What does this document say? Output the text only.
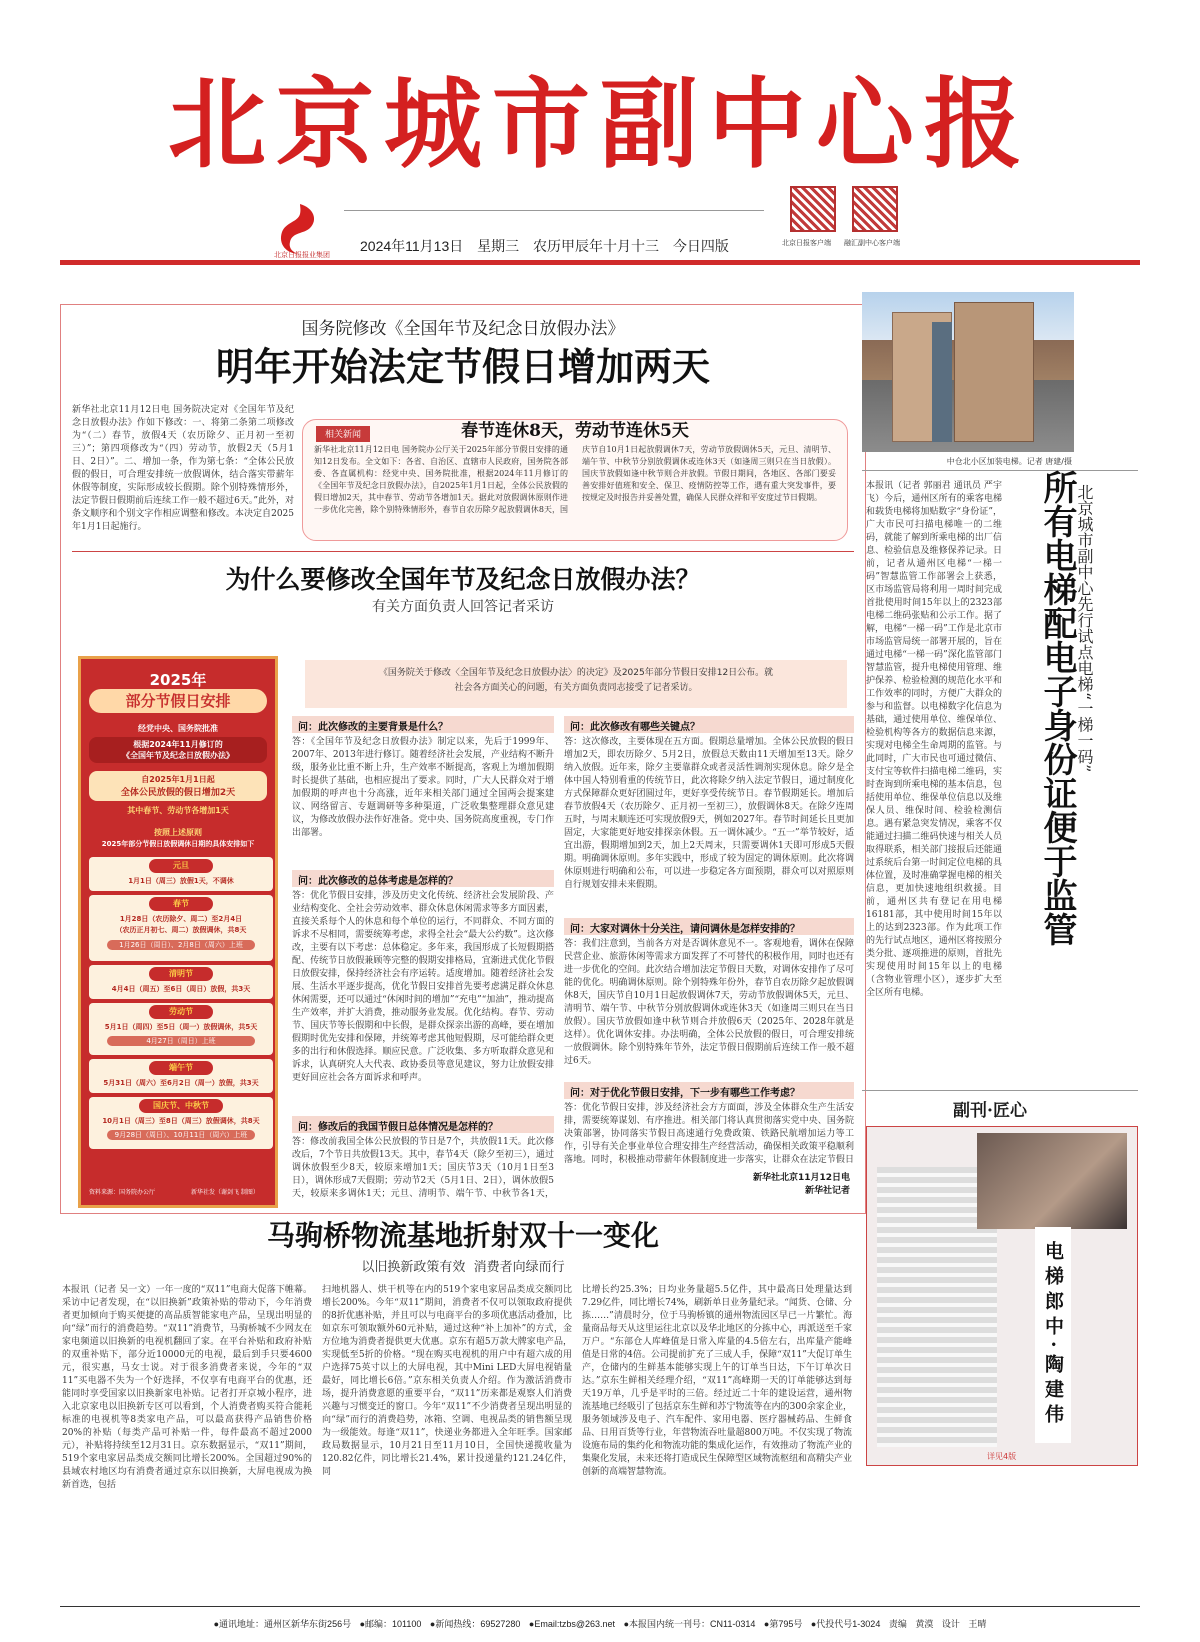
北京城市副中心报
北京日报报业集团
2024年11月13日 星期三 农历甲辰年十月十三 今日四版	北京日报客户端 融汇副中心客户端
国务院修改《全国年节及纪念日放假办法》
明年开始法定节假日增加两天
新华社北京11月12日电 国务院决定对《全国年节及纪念日放假办法》作如下修改：一、将第二条第二项修改为“（二）春节，放假4天（农历除夕、正月初一至初三）”；第四项修改为“（四）劳动节，放假2天（5月1日、2日）”。二、增加一条，作为第七条：“全体公民放假的假日，可合理安排统一放假调休，结合落实带薪年休假等制度，实际形成较长假期。除个别特殊情形外，法定节假日假期前后连续工作一般不超过6天。”此外，对条文顺序和个别文字作相应调整和修改。本决定自2025年1月1日起施行。
相关新闻	春节连休8天，劳动节连休5天
新华社北京11月12日电 国务院办公厅关于2025年部分节假日安排的通知12日发布。全文如下：各省、自治区、直辖市人民政府，国务院各部委、各直属机构：经党中央、国务院批准，根据2024年11月修订的《全国年节及纪念日放假办法》，自2025年1月1日起，全体公民放假的假日增加2天，其中春节、劳动节各增加1天。据此对放假调休原则作进一步优化完善，除个别特殊情形外，春节自农历除夕起放假调休8天，国庆节自10月1日起放假调休7天，劳动节放假调休5天，元旦、清明节、端午节、中秋节分别放假调休或连休3天（如逢周三则只在当日放假）。国庆节放假如逢中秋节则合并放假。节假日期间，各地区、各部门要妥善安排好值班和安全、保卫、疫情防控等工作，遇有重大突发事件，要按规定及时报告并妥善处置，确保人民群众祥和平安度过节日假期。
为什么要修改全国年节及纪念日放假办法？
有关方面负责人回答记者采访
《国务院关于修改〈全国年节及纪念日放假办法〉的决定》及2025年部分节假日安排12日公布。就社会各方面关心的问题，有关方面负责同志接受了记者采访。
2025年
部分节假日安排
经党中央、国务院批准
根据2024年11月修订的
《全国年节及纪念日放假办法》
自2025年1月1日起
全体公民放假的假日增加2天
其中春节、劳动节各增加1天
按照上述原则
2025年部分节假日放假调休日期的具体安排如下
元旦
1月1日（周三）放假1天，不调休
春节
1月28日（农历除夕、周二）至2月4日
（农历正月初七、周二）放假调休，共8天
1月26日（周日）、2月8日（周六）上班
清明节
4月4日（周五）至6日（周日）放假，共3天
劳动节
5月1日（周四）至5日（周一）放假调休，共5天
4月27日（周日）上班
端午节
5月31日（周六）至6月2日（周一）放假，共3天
国庆节、中秋节
10月1日（周三）至8日（周三）放假调休，共8天
9月28日（周日）、10月11日（周六）上班
资料来源：国务院办公厅	新华社发（谢剑飞 制图）
问：此次修改的主要背景是什么？
答：《全国年节及纪念日放假办法》制定以来，先后于1999年、2007年、2013年进行修订。随着经济社会发展，产业结构不断升级，服务业比重不断上升，生产效率不断提高，客观上为增加假期时长提供了基础，也相应提出了要求。同时，广大人民群众对于增加假期的呼声也十分高涨，近年来相关部门通过全国两会提案建议、网络留言、专题调研等多种渠道，广泛收集整理群众意见建议，为修改放假办法作好准备。党中央、国务院高度重视，专门作出部署。
问：此次修改的总体考虑是怎样的？
答：优化节假日安排，涉及历史文化传统、经济社会发展阶段、产业结构变化、全社会劳动效率、群众休息休闲需求等多方面因素，直接关系每个人的休息和每个单位的运行，不同群众、不同方面的诉求不尽相同，需要统筹考虑，求得全社会“最大公约数”。这次修改，主要有以下考虑：总体稳定。多年来，我国形成了长短假期搭配、传统节日放假兼顾等完整的假期安排格局，宜渐进式优化节假日放假安排，保持经济社会有序运转。适度增加。随着经济社会发展、生活水平逐步提高，优化节假日安排首先要考虑满足群众休息休闲需要，还可以通过“休闲时间的增加”“充电”“加油”，推动提高生产效率，并扩大消费，推动服务业发展。优化结构。春节、劳动节、国庆节等长假期和中长假，是群众探亲出游的高峰，要在增加假期时优先安排和保障，并统筹考虑其他短假期，尽可能给群众更多的出行和休假选择。顺应民意。广泛收集、多方听取群众意见和诉求，认真研究人大代表、政协委员等意见建议，努力让放假安排更好回应社会各方面诉求和呼声。
问：修改后的我国节假日总体情况是怎样的？
答：修改前我国全体公民放假的节日是7个，共放假11天。此次修改后，7个节日共放假13天。其中，春节4天（除夕至初三），通过调休放假至少8天，较原来增加1天；国庆节3天（10月1日至3日），调休形成7天假期；劳动节2天（5月1日、2日），调休放假5天，较原来多调休1天；元旦、清明节、端午节、中秋节各1天，
问：此次修改有哪些关键点？
答：这次修改，主要体现在五方面。假期总量增加。全体公民放假的假日增加2天，即农历除夕、5月2日，放假总天数由11天增加至13天。除夕纳入放假。近年来，除夕主要靠群众或者灵活性调剂实现休息。除夕是全体中国人特别看重的传统节日，此次将除夕纳入法定节假日，通过制度化方式保障群众更好团圆过年，更好享受传统节日。春节假期延长。增加后春节放假4天（农历除夕、正月初一至初三），放假调休8天。在除夕连周五时，与周末顺连还可实现放假9天，例如2027年。春节时间延长且更加固定，大家能更好地安排探亲休假。五一调休减少。“五一”举节较好，适宜出游，假期增加到2天，加上2天周末，只需要调休1天即可形成5天假期。明确调休原则。多年实践中，形成了较为固定的调休原则。此次将调休原则进行明确和公布，可以进一步稳定各方面预期，群众可以对照原则自行规划安排未来假期。
问：大家对调休十分关注，请问调休是怎样安排的？
答：我们注意到，当前各方对是否调休意见不一。客观地看，调休在保障民营企业、旅游休闲等需求方面发挥了不可替代的积极作用，同时也还有进一步优化的空间。此次结合增加法定节假日天数，对调休安排作了尽可能的优化。明确调休原则。除个别特殊年份外，春节自农历除夕起放假调休8天，国庆节自10月1日起放假调休7天，劳动节放假调休5天，元旦、清明节、端午节、中秋节分别放假调休或连休3天（如逢周三则只在当日放假）。国庆节放假如逢中秋节则合并放假6天（2025年、2028年就是这样）。优化调休安排。办法明确，全体公民放假的假日，可合理安排统一放假调休。除个别特殊年节外，法定节假日假期前后连续工作一般不超过6天。
问：对于优化节假日安排，下一步有哪些工作考虑？
答：优化节假日安排，涉及经济社会方方面面，涉及全体群众生产生活安排，需要统筹谋划、有序推进。相关部门将认真贯彻落实党中央、国务院决策部署，协同落实节假日高速通行免费政策、铁路民航增加运力等工作，引导有关企事业单位合理安排生产经营活动，确保相关政策平稳顺利落地。同时，积极推动带薪年休假制度进一步落实，让群众在法定节假日
新华社北京11月12日电
新华社记者
中仓北小区加装电梯。记者 唐建/摄
北京城市副中心先行试点电梯“一梯一码”
所有电梯配电子身份证便于监管
本报讯（记者 郭丽君 通讯员 严宇飞）今后，通州区所有的乘客电梯和载货电梯将加贴数字“身份证”，广大市民可扫描电梯唯一的二维码，就能了解到所乘电梯的出厂信息、检验信息及维修保养记录。日前，记者从通州区电梯“一梯一码”智慧监管工作部署会上获悉，区市场监管局将利用一周时间完成首批使用时间15年以上的2323部电梯二维码张贴和公示工作。据了解，电梯“一梯一码”工作是北京市市场监管局统一部署开展的，旨在通过电梯“一梯一码”深化监管部门智慧监管，提升电梯使用管理、维护保养、检验检测的规范化水平和工作效率的同时，方便广大群众的参与和监督。以电梯数字化信息为基础，通过使用单位、维保单位、检验机构等各方的数据信息来源，实现对电梯全生命周期的监管。与此同时，广大市民也可通过微信、支付宝等软件扫描电梯二维码，实时查询到所乘电梯的基本信息，包括使用单位、维保单位信息以及维保人员、维保时间、检验检测信息。遇有紧急突发情况，乘客不仅能通过扫描二维码快速与相关人员取得联系，相关部门接报后还能通过系统后台第一时间定位电梯的具体位置，及时准确掌握电梯的相关信息，更加快速地组织救援。目前，通州区共有登记在用电梯16181部，其中使用时间15年以上的达到2323部。作为此项工作的先行试点地区，通州区将按照分类分批、逐项推进的原则，首批先实现使用时间15年以上的电梯（含物业管理小区），逐步扩大至全区所有电梯。
副刊·匠心
电梯郎中·陶建伟
详见4版
马驹桥物流基地折射双十一变化
以旧换新政策有效  消费者向绿而行
本报讯（记者 吴一文）一年一度的“双11”电商大促落下帷幕。采访中记者发现，在“以旧换新”政策补贴的带动下，今年消费者更加倾向于购买便捷的高品质智能家电产品，呈现出明显的向“绿”而行的消费趋势。“双11”消费节，马驹桥城不少网友在家电频道以旧换新的电视机翻回了家。在平台补贴和政府补贴的双重补贴下，部分近10000元的电视，最后到手只要4600元，很实惠，马女士说。对于很多消费者来说，今年的“双11”买电器不失为一个好选择，不仅享有电商平台的优惠，还能同时享受国家以旧换新家电补贴。记者打开京城小程序，进入北京家电以旧换新专区可以看到，个人消费者购买符合能耗标准的电视机等8类家电产品，可以最高获得产品销售价格20%的补贴（每类产品可补贴一件，每件最高不超过2000元），补贴将持续至12月31日。京东数据显示，“双11”期间，519个家电家居品类成交额同比增长200%。全国超过90%的县域农村地区均有消费者通过京东以旧换新，大屏电视成为换新首选，包括
扫地机器人、烘干机等在内的519个家电家居品类成交额同比增长200%。今年“双11”期间，消费者不仅可以领取政府提供的8折优惠补贴，并且可以与电商平台的多项优惠活动叠加，比如京东可领取额外60元补贴，通过这种“补上加补”的方式，金方位地为消费者提供更大优惠。京东有超5万款大牌家电产品，实现低至5折的价格。“现在购买电视机的用户中有超六成的用户选择75英寸以上的大屏电视，其中Mini LED大屏电视销量最好，同比增长6倍。”京东相关负责人介绍。作为激活消费市场，提升消费意愿的重要平台，“双11”历来都是观察人们消费兴趣与习惯变迁的窗口。今年“双11”不少消费者呈现出明显的向“绿”而行的消费趋势，冰箱、空调、电视品类的销售额呈现为一级能效。每逢“双11”，快递业务都进入全年旺季。国家邮政局数据显示，10月21日至11月10日，全国快递揽收量为120.82亿件，同比增长21.4%，累计投递量约121.24亿件，同
比增长约25.3%；日均业务量超5.5亿件，其中最高日处理量达到7.29亿件，同比增长74%，刷新单日业务量纪录。“闻货、仓储、分拣……”清晨时分，位于马驹桥镇的通州物流园区早已一片繁忙。海量商品每天从这里运往北京以及华北地区的分拣中心，再派送至千家万户。“东部仓人库峰值是日常入库量的4.5倍左右，出库量产能峰值是日常的4倍。公司提前扩充了三成人手，保障“双11”大促订单生产，仓储内的生鲜基本能够实现上午的订单当日达，下午订单次日达。”京东生鲜相关经理介绍，“双11”高峰期一天的订单能够达到每天19万单，几乎是平时的三倍。经过近二十年的建设运营，通州物流基地已经吸引了包括京东生鲜和苏宁物流等在内的300余家企业，服务领域涉及电子、汽车配件、家用电器、医疗器械药品、生鲜食品、日用百货等行业，年营物流吞吐量超800万吨。不仅实现了物流设施布局的集约化和物流功能的集成化运作，有效推动了物流产业的集聚化发展，未来还将打造成民生保障型区域物流枢纽和高精尖产业创新的高端智慧物流。
●通讯地址：通州区新华东街256号 ●邮编：101100 ●新闻热线：69527280 ●Email:tzbs@263.net ●本报国内统一刊号：CN11-0314 ●第795号 ●代投代号1-3024 责编 黄漠 设计 王晴
